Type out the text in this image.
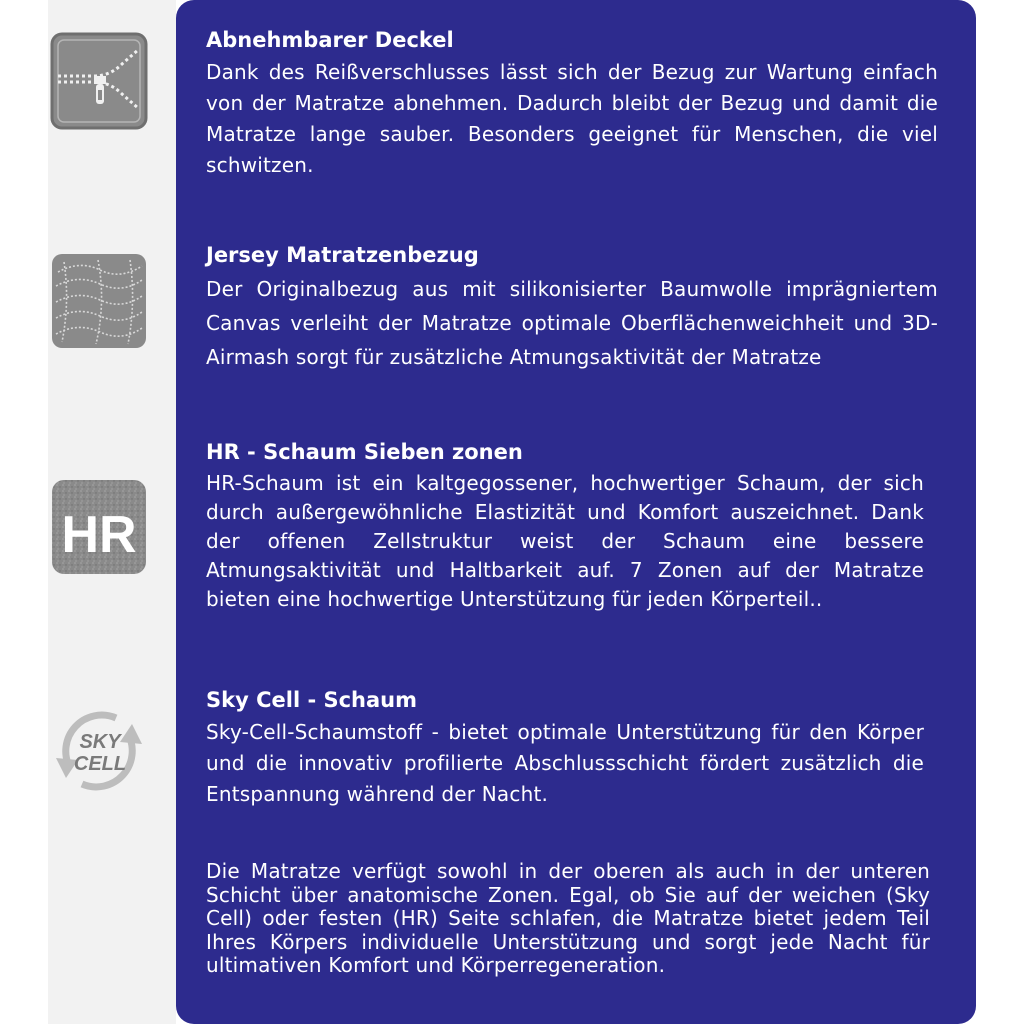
HR
SKY
CELL
Abnehmbarer Deckel

Dank des Reißverschlusses lässt sich der Bezug zur Wartung einfach von der Matratze abnehmen. Dadurch bleibt der Bezug und damit die Matratze lange sauber. Besonders geeignet für Menschen, die viel schwitzen.

Jersey Matratzenbezug

Der Originalbezug aus mit silikonisierter Baumwolle imprägniertem Canvas verleiht der Matratze optimale Oberflächenweichheit und 3D-Airmash sorgt für zusätzliche Atmungsaktivität der Matratze

HR - Schaum Sieben zonen

HR-Schaum ist ein kaltgegossener, hochwertiger Schaum, der sich durch außergewöhnliche Elastizität und Komfort auszeichnet. Dank der offenen Zellstruktur weist der Schaum eine bessere Atmungsaktivität und Haltbarkeit auf. 7 Zonen auf der Matratze bieten eine hochwertige Unterstützung für jeden Körperteil..

Sky Cell - Schaum

Sky-Cell-Schaumstoff - bietet optimale Unterstützung für den Körper und die innovativ profilierte Abschlussschicht fördert zusätzlich die Entspannung während der Nacht.

Die Matratze verfügt sowohl in der oberen als auch in der unteren Schicht über anatomische Zonen. Egal, ob Sie auf der weichen (Sky Cell) oder festen (HR) Seite schlafen, die Matratze bietet jedem Teil Ihres Körpers individuelle Unterstützung und sorgt jede Nacht für ultimativen Komfort und Körperregeneration.
